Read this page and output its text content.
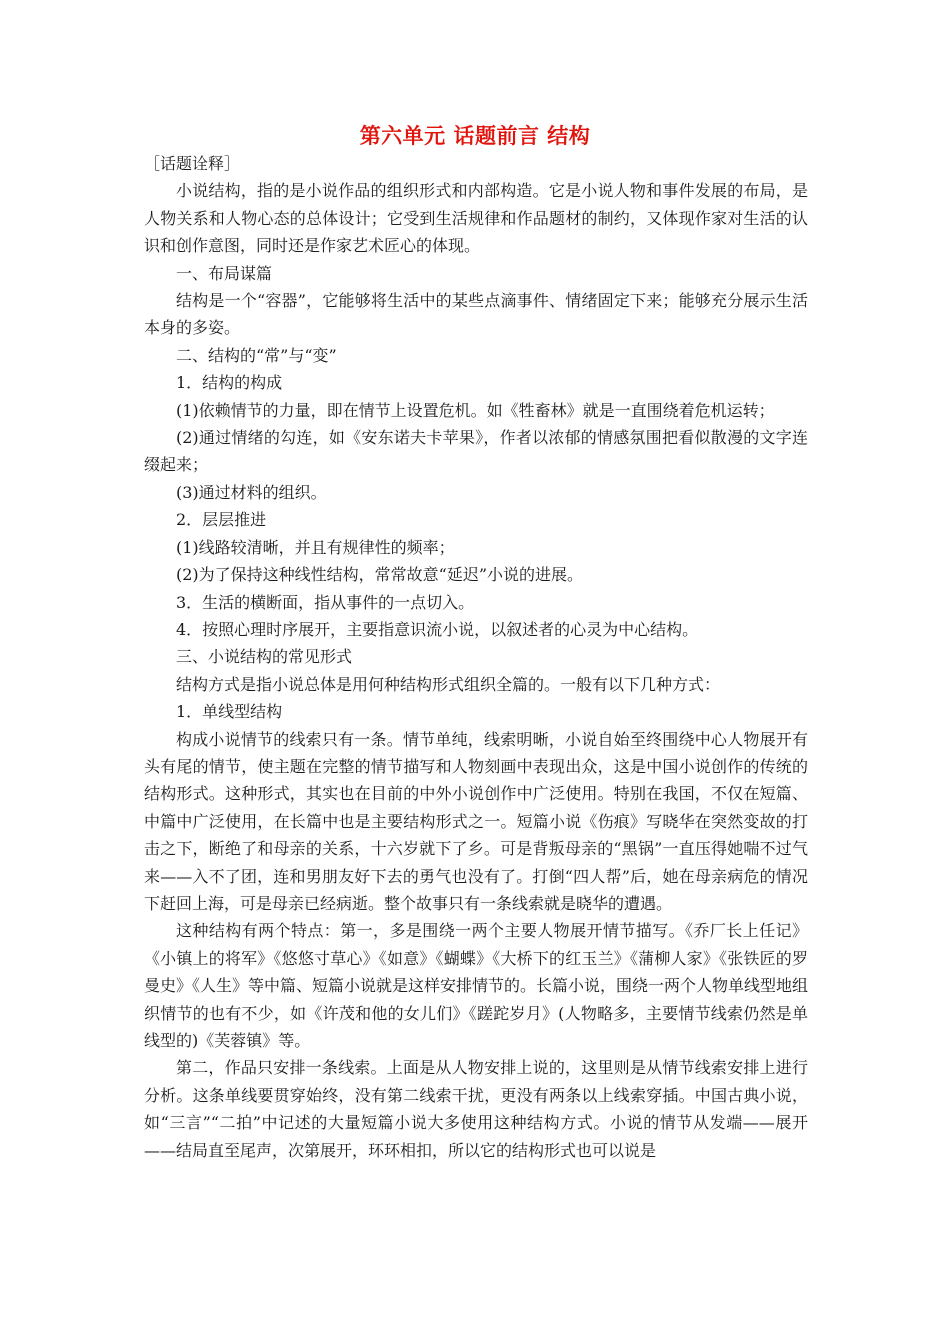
第六单元 话题前言 结构

［话题诠释］

小说结构，指的是小说作品的组织形式和内部构造。它是小说人物和事件发展的布局，是人物关系和人物心态的总体设计；它受到生活规律和作品题材的制约，又体现作家对生活的认识和创作意图，同时还是作家艺术匠心的体现。

一、布局谋篇

结构是一个“容器”，它能够将生活中的某些点滴事件、情绪固定下来；能够充分展示生活本身的多姿。

二、结构的“常”与“变”

1．结构的构成

(1)依赖情节的力量，即在情节上设置危机。如《牲畜林》就是一直围绕着危机运转；

(2)通过情绪的勾连，如《安东诺夫卡苹果》，作者以浓郁的情感氛围把看似散漫的文字连缀起来；

(3)通过材料的组织。

2．层层推进

(1)线路较清晰，并且有规律性的频率；

(2)为了保持这种线性结构，常常故意“延迟”小说的进展。

3．生活的横断面，指从事件的一点切入。

4．按照心理时序展开，主要指意识流小说，以叙述者的心灵为中心结构。

三、小说结构的常见形式

结构方式是指小说总体是用何种结构形式组织全篇的。一般有以下几种方式：

1．单线型结构

构成小说情节的线索只有一条。情节单纯，线索明晰，小说自始至终围绕中心人物展开有头有尾的情节，使主题在完整的情节描写和人物刻画中表现出众，这是中国小说创作的传统的结构形式。这种形式，其实也在目前的中外小说创作中广泛使用。特别在我国，不仅在短篇、中篇中广泛使用，在长篇中也是主要结构形式之一。短篇小说《伤痕》写晓华在突然变故的打击之下，断绝了和母亲的关系，十六岁就下了乡。可是背叛母亲的“黑锅”一直压得她喘不过气来——入不了团，连和男朋友好下去的勇气也没有了。打倒“四人帮”后，她在母亲病危的情况下赶回上海，可是母亲已经病逝。整个故事只有一条线索就是晓华的遭遇。

这种结构有两个特点：第一，多是围绕一两个主要人物展开情节描写。《乔厂长上任记》《小镇上的将军》《悠悠寸草心》《如意》《蝴蝶》《大桥下的红玉兰》《蒲柳人家》《张铁匠的罗曼史》《人生》等中篇、短篇小说就是这样安排情节的。长篇小说，围绕一两个人物单线型地组织情节的也有不少，如《许茂和他的女儿们》《蹉跎岁月》(人物略多，主要情节线索仍然是单线型的)《芙蓉镇》等。

第二，作品只安排一条线索。上面是从人物安排上说的，这里则是从情节线索安排上进行分析。这条单线要贯穿始终，没有第二线索干扰，更没有两条以上线索穿插。中国古典小说，如“三言”“二拍”中记述的大量短篇小说大多使用这种结构方式。小说的情节从发端——展开——结局直至尾声，次第展开，环环相扣，所以它的结构形式也可以说是
